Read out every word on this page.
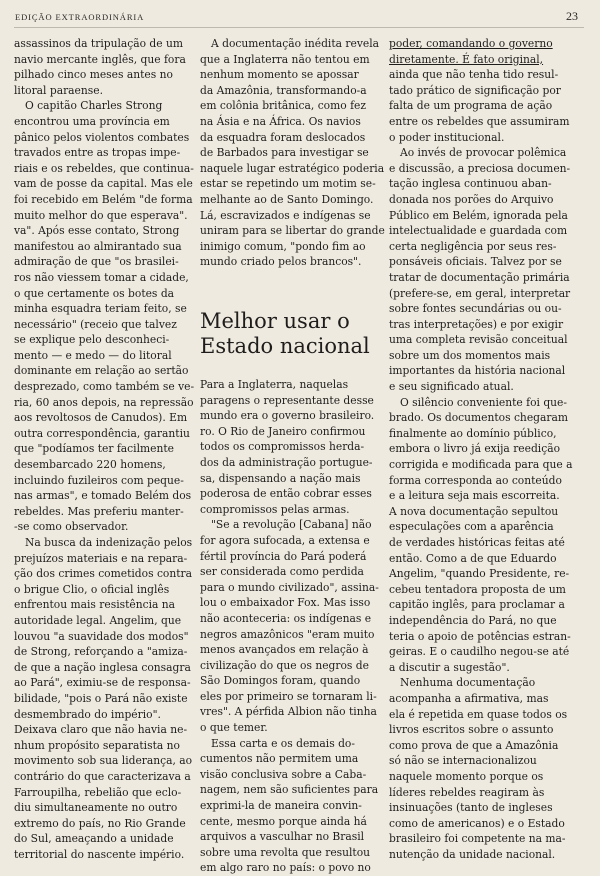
EDIÇÃO EXTRAORDINÁRIA	23

assassinos da tripulação de um

navio mercante inglês, que fora

pilhado cinco meses antes no

litoral paraense.

O capitão Charles Strong

encontrou uma província em

pânico pelos violentos combates

travados entre as tropas impe-

riais e os rebeldes, que continua-

vam de posse da capital. Mas ele

foi recebido em Belém "de forma

muito melhor do que esperava".

va". Após esse contato, Strong

manifestou ao almirantado sua

admiração de que "os brasilei-

ros não viessem tomar a cidade,

o que certamente os botes da

minha esquadra teriam feito, se

necessário" (receio que talvez

se explique pelo desconheci-

mento — e medo — do litoral

dominante em relação ao sertão

desprezado, como também se ve-

ria, 60 anos depois, na repressão

aos revoltosos de Canudos). Em

outra correspondência, garantiu

que "podíamos ter facilmente

desembarcado 220 homens,

incluindo fuzileiros com peque-

nas armas", e tomado Belém dos

rebeldes. Mas preferiu manter-

-se como observador.

Na busca da indenização pelos

prejuízos materiais e na repara-

ção dos crimes cometidos contra

o brigue Clio, o oficial inglês

enfrentou mais resistência na

autoridade legal. Angelim, que

louvou "a suavidade dos modos"

de Strong, reforçando a "amiza-

de que a nação inglesa consagra

ao Pará", eximiu-se de responsa-

bilidade, "pois o Pará não existe

desmembrado do império".

Deixava claro que não havia ne-

nhum propósito separatista no

movimento sob sua liderança, ao

contrário do que caracterizava a

Farroupilha, rebelião que eclo-

diu simultaneamente no outro

extremo do país, no Rio Grande

do Sul, ameaçando a unidade

territorial do nascente império.

A documentação inédita revela

que a Inglaterra não tentou em

nenhum momento se apossar

da Amazônia, transformando-a

em colônia britânica, como fez

na Ásia e na África. Os navios

da esquadra foram deslocados

de Barbados para investigar se

naquele lugar estratégico poderia

estar se repetindo um motim se-

melhante ao de Santo Domingo.

Lá, escravizados e indígenas se

uniram para se libertar do grande

inimigo comum, "pondo fim ao

mundo criado pelos brancos".

Melhor usar o

Estado nacional

Para a Inglaterra, naquelas

paragens o representante desse

mundo era o governo brasileiro.

ro. O Rio de Janeiro confirmou

todos os compromissos herda-

dos da administração portugue-

sa, dispensando a nação mais

poderosa de então cobrar esses

compromissos pelas armas.

"Se a revolução [Cabana] não

for agora sufocada, a extensa e

fértil província do Pará poderá

ser considerada como perdida

para o mundo civilizado", assina-

lou o embaixador Fox. Mas isso

não aconteceria: os indígenas e

negros amazônicos "eram muito

menos avançados em relação à

civilização do que os negros de

São Domingos foram, quando

eles por primeiro se tornaram li-

vres". A pérfida Albion não tinha

o que temer.

Essa carta e os demais do-

cumentos não permitem uma

visão conclusiva sobre a Caba-

nagem, nem são suficientes para

exprimi-la de maneira convin-

cente, mesmo porque ainda há

arquivos a vasculhar no Brasil

sobre uma revolta que resultou

em algo raro no país: o povo no

poder, comandando o governo

diretamente. É fato original,

ainda que não tenha tido resul-

tado prático de significação por

falta de um programa de ação

entre os rebeldes que assumiram

o poder institucional.

Ao invés de provocar polêmica

e discussão, a preciosa documen-

tação inglesa continuou aban-

donada nos porões do Arquivo

Público em Belém, ignorada pela

intelectualidade e guardada com

certa negligência por seus res-

ponsáveis oficiais. Talvez por se

tratar de documentação primária

(prefere-se, em geral, interpretar

sobre fontes secundárias ou ou-

tras interpretações) e por exigir

uma completa revisão conceitual

sobre um dos momentos mais

importantes da história nacional

e seu significado atual.

O silêncio conveniente foi que-

brado. Os documentos chegaram

finalmente ao domínio público,

embora o livro já exija reedição

corrigida e modificada para que a

forma corresponda ao conteúdo

e a leitura seja mais escorreita.

A nova documentação sepultou

especulações com a aparência

de verdades históricas feitas até

então. Como a de que Eduardo

Angelim, "quando Presidente, re-

cebeu tentadora proposta de um

capitão inglês, para proclamar a

independência do Pará, no que

teria o apoio de potências estran-

geiras. E o caudilho negou-se até

a discutir a sugestão".

Nenhuma documentação

acompanha a afirmativa, mas

ela é repetida em quase todos os

livros escritos sobre o assunto

como prova de que a Amazônia

só não se internacionalizou

naquele momento porque os

líderes rebeldes reagiram às

insinuações (tanto de ingleses

como de americanos) e o Estado

brasileiro foi competente na ma-

nutenção da unidade nacional.
